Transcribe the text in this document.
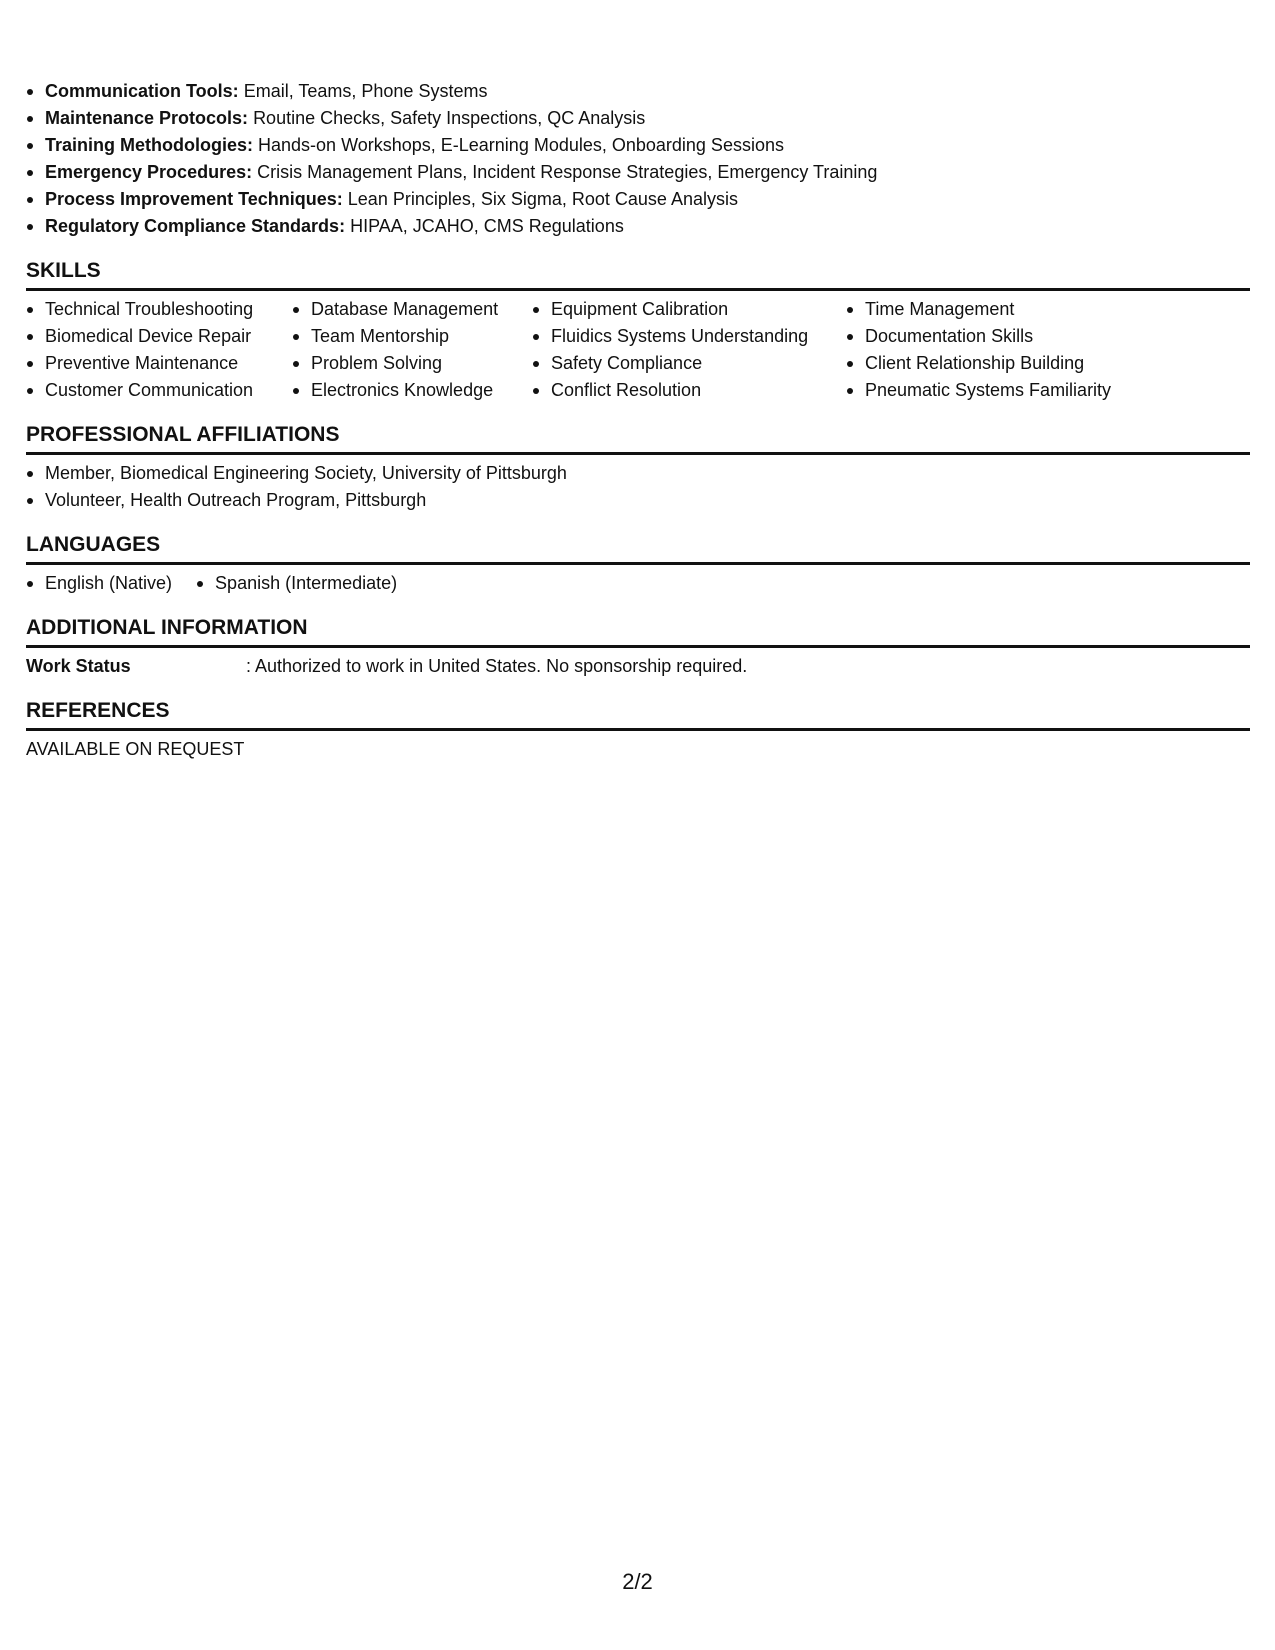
Communication Tools: Email, Teams, Phone Systems
Maintenance Protocols: Routine Checks, Safety Inspections, QC Analysis
Training Methodologies: Hands-on Workshops, E-Learning Modules, Onboarding Sessions
Emergency Procedures: Crisis Management Plans, Incident Response Strategies, Emergency Training
Process Improvement Techniques: Lean Principles, Six Sigma, Root Cause Analysis
Regulatory Compliance Standards: HIPAA, JCAHO, CMS Regulations
SKILLS
Technical Troubleshooting
Biomedical Device Repair
Preventive Maintenance
Customer Communication
Database Management
Team Mentorship
Problem Solving
Electronics Knowledge
Equipment Calibration
Fluidics Systems Understanding
Safety Compliance
Conflict Resolution
Time Management
Documentation Skills
Client Relationship Building
Pneumatic Systems Familiarity
PROFESSIONAL AFFILIATIONS
Member, Biomedical Engineering Society, University of Pittsburgh
Volunteer, Health Outreach Program, Pittsburgh
LANGUAGES
English (Native)	Spanish (Intermediate)
ADDITIONAL INFORMATION
Work Status	: Authorized to work in United States. No sponsorship required.
REFERENCES
AVAILABLE ON REQUEST
2/2
